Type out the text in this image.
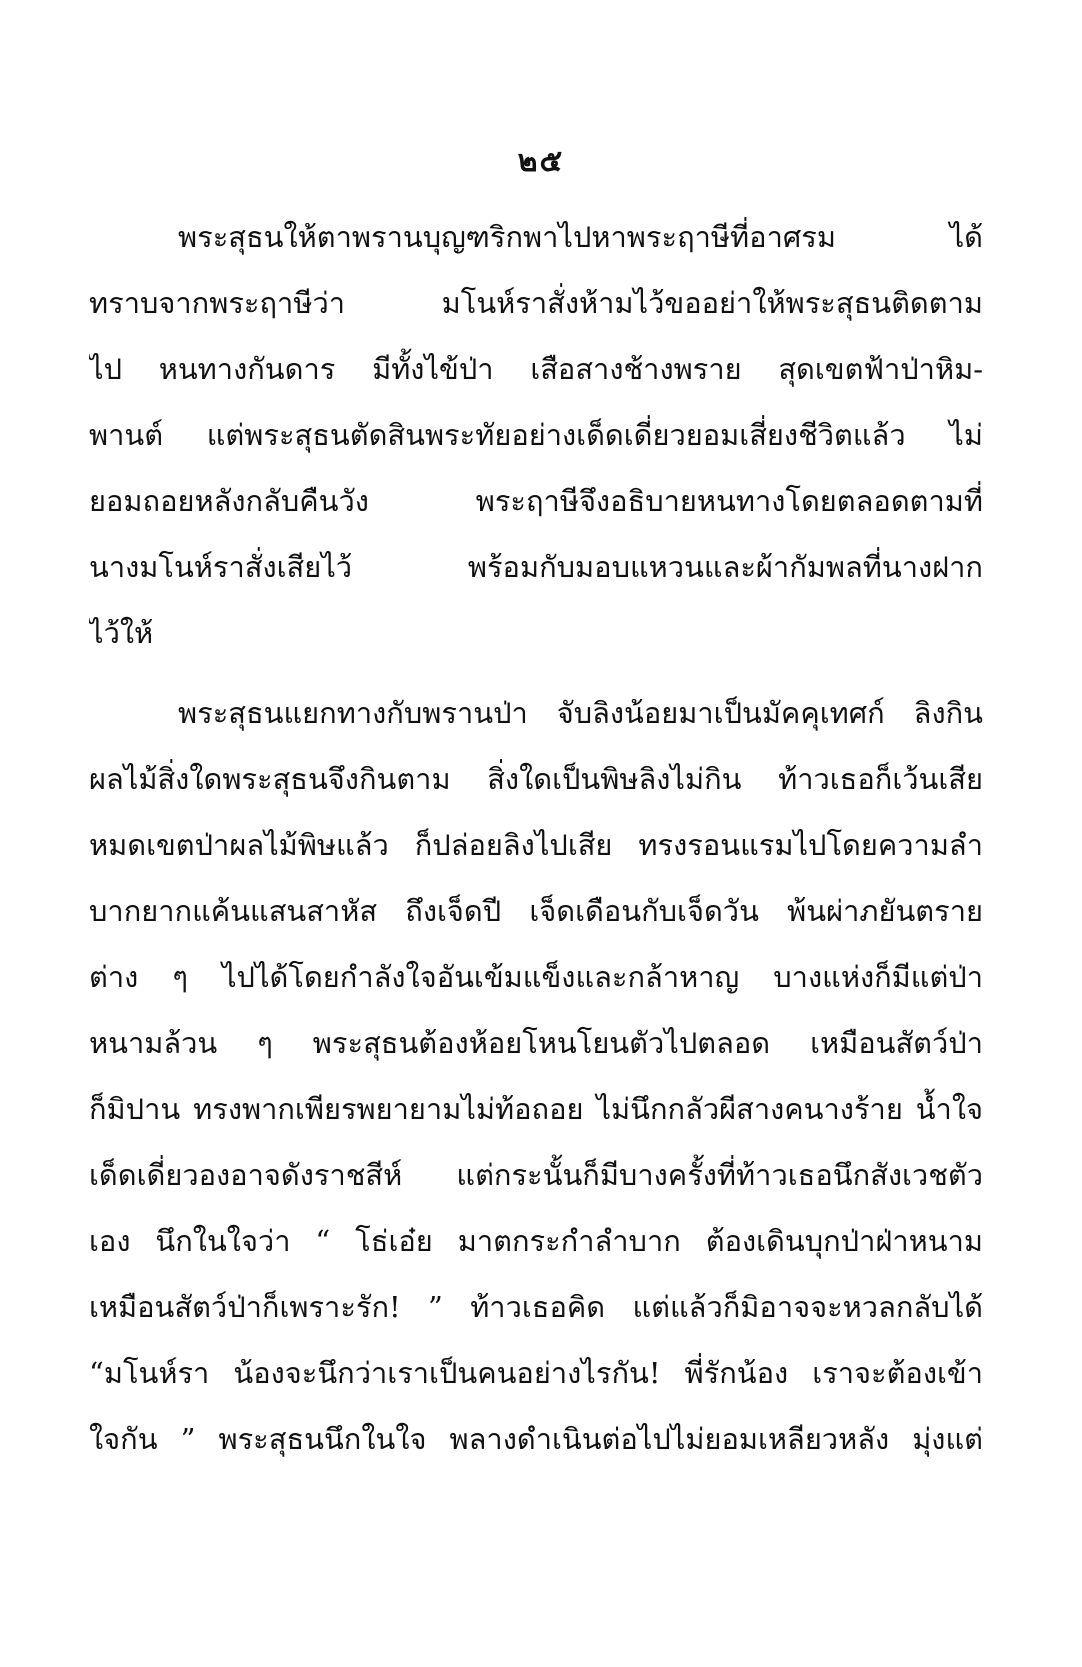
๒๕
พระสุธนให้ตาพรานบุญฑริกพาไปหาพระฤาษีที่อาศรม ได้
ทราบจากพระฤาษีว่า มโนห์ราสั่งห้ามไว้ขออย่าให้พระสุธนติดตาม
ไป หนทางกันดาร มีทั้งไข้ป่า เสือสางช้างพราย สุดเขตฟ้าป่าหิม-
พานต์ แต่พระสุธนตัดสินพระทัยอย่างเด็ดเดี่ยวยอมเสี่ยงชีวิตแล้ว ไม่
ยอมถอยหลังกลับคืนวัง พระฤาษีจึงอธิบายหนทางโดยตลอดตามที่
นางมโนห์ราสั่งเสียไว้ พร้อมกับมอบแหวนและผ้ากัมพลที่นางฝาก
ไว้ให้
พระสุธนแยกทางกับพรานป่า จับลิงน้อยมาเป็นมัคคุเทศก์ ลิงกิน
ผลไม้สิ่งใดพระสุธนจึงกินตาม สิ่งใดเป็นพิษลิงไม่กิน ท้าวเธอก็เว้นเสีย
หมดเขตป่าผลไม้พิษแล้ว ก็ปล่อยลิงไปเสีย ทรงรอนแรมไปโดยความลำ
บากยากแค้นแสนสาหัส ถึงเจ็ดปี เจ็ดเดือนกับเจ็ดวัน พ้นผ่าภยันตราย
ต่าง ๆ ไปได้โดยกำลังใจอันเข้มแข็งและกล้าหาญ บางแห่งก็มีแต่ป่า
หนามล้วน ๆ พระสุธนต้องห้อยโหนโยนตัวไปตลอด เหมือนสัตว์ป่า
ก็มิปาน ทรงพากเพียรพยายามไม่ท้อถอย ไม่นึกกลัวผีสางคนางร้าย น้ำใจ
เด็ดเดี่ยวองอาจดังราชสีห์ แต่กระนั้นก็มีบางครั้งที่ท้าวเธอนึกสังเวชตัว
เอง นึกในใจว่า “ โธ่เอ๋ย มาตกระกำลำบาก ต้องเดินบุกป่าฝ่าหนาม
เหมือนสัตว์ป่าก็เพราะรัก! ” ท้าวเธอคิด แต่แล้วก็มิอาจจะหวลกลับได้
“มโนห์รา น้องจะนึกว่าเราเป็นคนอย่างไรกัน! พี่รักน้อง เราจะต้องเข้า
ใจกัน ” พระสุธนนึกในใจ พลางดำเนินต่อไปไม่ยอมเหลียวหลัง มุ่งแต่
